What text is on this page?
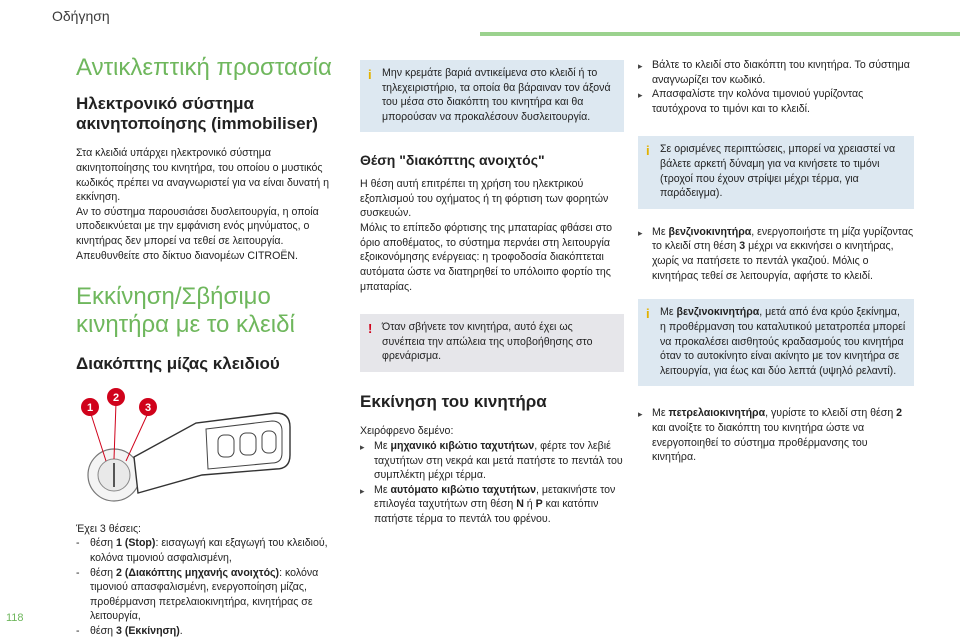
Οδήγηση
Αντικλεπτική προστασία
Ηλεκτρονικό σύστημα ακινητοποίησης (immobiliser)
Στα κλειδιά υπάρχει ηλεκτρονικό σύστημα ακινητοποίησης του κινητήρα, του οποίου ο μυστικός κωδικός πρέπει να αναγνωριστεί για να είναι δυνατή η εκκίνηση.
Αν το σύστημα παρουσιάσει δυσλειτουργία, η οποία υποδεικνύεται με την εμφάνιση ενός μηνύματος, ο κινητήρας δεν μπορεί να τεθεί σε λειτουργία.
Απευθυνθείτε στο δίκτυο διανομέων CITROËN.
Εκκίνηση/Σβήσιμο κινητήρα με το κλειδί
Διακόπτης μίζας κλειδιού
1
2
3
Έχει 3 θέσεις:
- θέση 1 (Stop): εισαγωγή και εξαγωγή του κλειδιού, κολόνα τιμονιού ασφαλισμένη,
- θέση 2 (Διακόπτης μηχανής ανοιχτός): κολόνα τιμονιού απασφαλισμένη, ενεργοποίηση μίζας, προθέρμανση πετρελαιοκινητήρα, κινητήρας σε λειτουργία,
- θέση 3 (Εκκίνηση).
i Μην κρεμάτε βαριά αντικείμενα στο κλειδί ή το τηλεχειριστήριο, τα οποία θα βάραιναν τον άξονά του μέσα στο διακόπτη του κινητήρα και θα μπορούσαν να προκαλέσουν δυσλειτουργία.
Θέση "διακόπτης ανοιχτός"
Η θέση αυτή επιτρέπει τη χρήση του ηλεκτρικού εξοπλισμού του οχήματος ή τη φόρτιση των φορητών συσκευών.
Μόλις το επίπεδο φόρτισης της μπαταρίας φθάσει στο όριο αποθέματος, το σύστημα περνάει στη λειτουργία εξοικονόμησης ενέργειας: η τροφοδοσία διακόπτεται αυτόματα ώστε να διατηρηθεί το υπόλοιπο φορτίο της μπαταρίας.
! Όταν σβήνετε τον κινητήρα, αυτό έχει ως συνέπεια την απώλεια της υποβοήθησης στο φρενάρισμα.
Εκκίνηση του κινητήρα
Χειρόφρενο δεμένο:
▸ Με μηχανικό κιβώτιο ταχυτήτων, φέρτε τον λεβιέ ταχυτήτων στη νεκρά και μετά πατήστε το πεντάλ του συμπλέκτη μέχρι τέρμα.
▸ Με αυτόματο κιβώτιο ταχυτήτων, μετακινήστε τον επιλογέα ταχυτήτων στη θέση N ή P και κατόπιν πατήστε τέρμα το πεντάλ του φρένου.
▸ Βάλτε το κλειδί στο διακόπτη του κινητήρα. Το σύστημα αναγνωρίζει τον κωδικό.
▸ Απασφαλίστε την κολόνα τιμονιού γυρίζοντας ταυτόχρονα το τιμόνι και το κλειδί.
i Σε ορισμένες περιπτώσεις, μπορεί να χρειαστεί να βάλετε αρκετή δύναμη για να κινήσετε το τιμόνι (τροχοί που έχουν στρίψει μέχρι τέρμα, για παράδειγμα).
▸ Με βενζινοκινητήρα, ενεργοποιήστε τη μίζα γυρίζοντας το κλειδί στη θέση 3 μέχρι να εκκινήσει ο κινητήρας, χωρίς να πατήσετε το πεντάλ γκαζιού. Μόλις ο κινητήρας τεθεί σε λειτουργία, αφήστε το κλειδί.
i Με βενζινοκινητήρα, μετά από ένα κρύο ξεκίνημα, η προθέρμανση του καταλυτικού μετατροπέα μπορεί να προκαλέσει αισθητούς κραδασμούς του κινητήρα όταν το αυτοκίνητο είναι ακίνητο με τον κινητήρα σε λειτουργία, για έως και δύο λεπτά (υψηλό ρελαντί).
▸ Με πετρελαιοκινητήρα, γυρίστε το κλειδί στη θέση 2 και ανοίξτε το διακόπτη του κινητήρα ώστε να ενεργοποιηθεί το σύστημα προθέρμανσης του κινητήρα.
118
